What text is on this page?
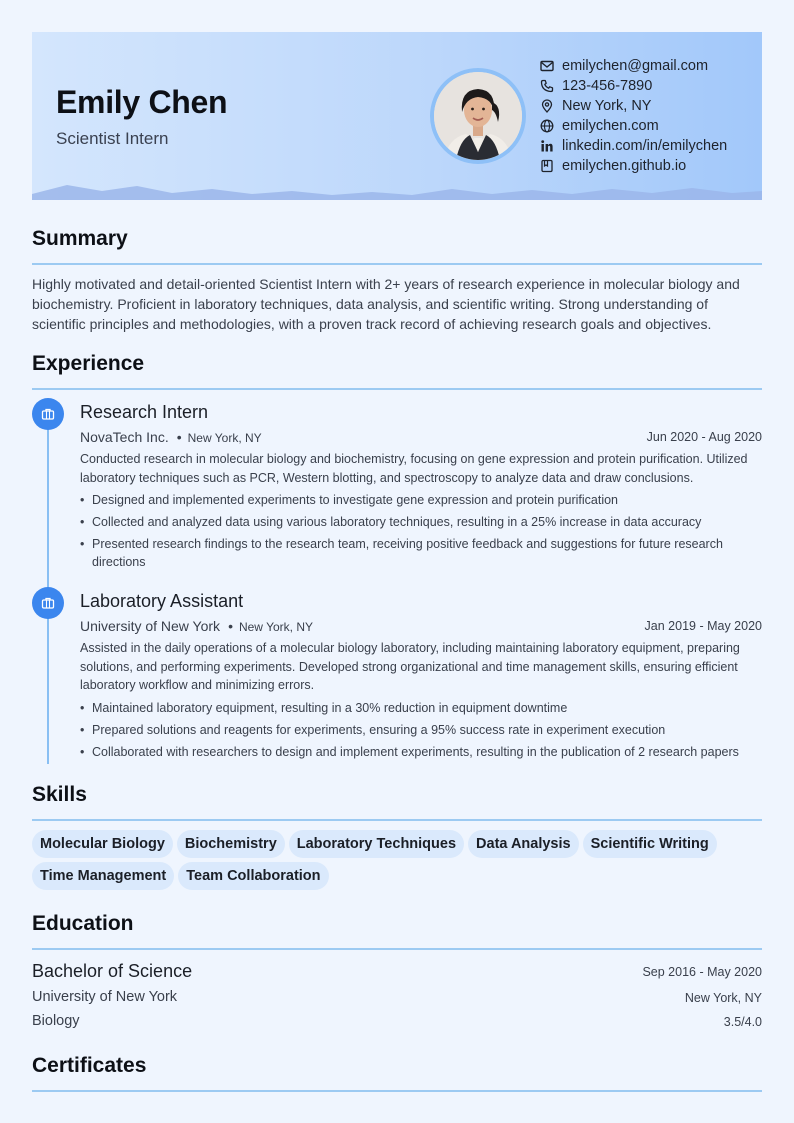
Emily Chen
Scientist Intern
emilychen@gmail.com
123-456-7890
New York, NY
emilychen.com
linkedin.com/in/emilychen
emilychen.github.io
Summary

Highly motivated and detail-oriented Scientist Intern with 2+ years of research experience in molecular biology and biochemistry. Proficient in laboratory techniques, data analysis, and scientific writing. Strong understanding of scientific principles and methodologies, with a proven track record of achieving research goals and objectives.

Experience
Research Intern
NovaTech Inc. • New York, NY	Jun 2020 - Aug 2020

Conducted research in molecular biology and biochemistry, focusing on gene expression and protein purification. Utilized laboratory techniques such as PCR, Western blotting, and spectroscopy to analyze data and draw conclusions.

• Designed and implemented experiments to investigate gene expression and protein purification
• Collected and analyzed data using various laboratory techniques, resulting in a 25% increase in data accuracy
• Presented research findings to the research team, receiving positive feedback and suggestions for future research directions
Laboratory Assistant
University of New York • New York, NY	Jan 2019 - May 2020

Assisted in the daily operations of a molecular biology laboratory, including maintaining laboratory equipment, preparing solutions, and performing experiments. Developed strong organizational and time management skills, ensuring efficient laboratory workflow and minimizing errors.

• Maintained laboratory equipment, resulting in a 30% reduction in equipment downtime
• Prepared solutions and reagents for experiments, ensuring a 95% success rate in experiment execution
• Collaborated with researchers to design and implement experiments, resulting in the publication of 2 research papers
Skills
Molecular Biology Biochemistry Laboratory Techniques Data Analysis Scientific WritingTime Management Team Collaboration
Education
Bachelor of Science	Sep 2016 - May 2020
University of New York	New York, NY
Biology	3.5/4.0
Certificates
